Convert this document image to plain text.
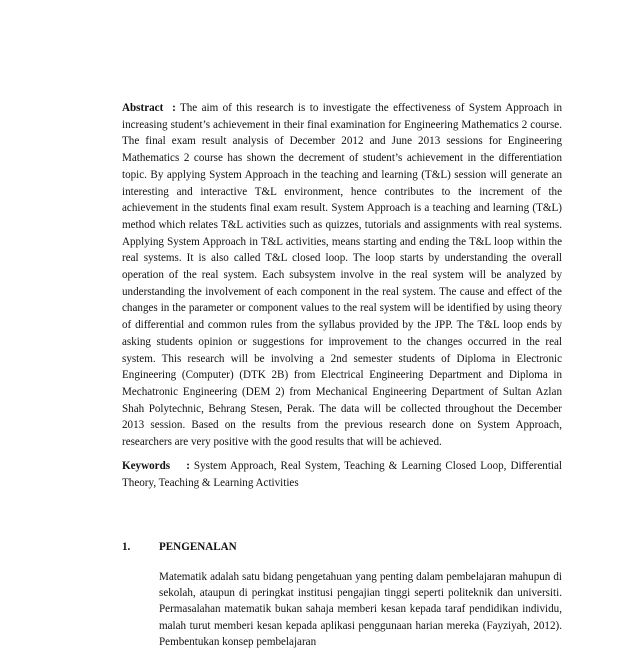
Abstract : The aim of this research is to investigate the effectiveness of System Approach in increasing student’s achievement in their final examination for Engineering Mathematics 2 course. The final exam result analysis of December 2012 and June 2013 sessions for Engineering Mathematics 2 course has shown the decrement of student’s achievement in the differentiation topic. By applying System Approach in the teaching and learning (T&L) session will generate an interesting and interactive T&L environment, hence contributes to the increment of the achievement in the students final exam result. System Approach is a teaching and learning (T&L) method which relates T&L activities such as quizzes, tutorials and assignments with real systems. Applying System Approach in T&L activities, means starting and ending the T&L loop within the real systems. It is also called T&L closed loop. The loop starts by understanding the overall operation of the real system. Each subsystem involve in the real system will be analyzed by understanding the involvement of each component in the real system. The cause and effect of the changes in the parameter or component values to the real system will be identified by using theory of differential and common rules from the syllabus provided by the JPP. The T&L loop ends by asking students opinion or suggestions for improvement to the changes occurred in the real system. This research will be involving a 2nd semester students of Diploma in Electronic Engineering (Computer) (DTK 2B) from Electrical Engineering Department and Diploma in Mechatronic Engineering (DEM 2) from Mechanical Engineering Department of Sultan Azlan Shah Polytechnic, Behrang Stesen, Perak. The data will be collected throughout the December 2013 session. Based on the results from the previous research done on System Approach, researchers are very positive with the good results that will be achieved.

Keywords : System Approach, Real System, Teaching & Learning Closed Loop, Differential Theory, Teaching & Learning Activities

1.	PENGENALAN

Matematik adalah satu bidang pengetahuan yang penting dalam pembelajaran mahupun di sekolah, ataupun di peringkat institusi pengajian tinggi seperti politeknik dan universiti. Permasalahan matematik bukan sahaja memberi kesan kepada taraf pendidikan individu, malah turut memberi kesan kepada aplikasi penggunaan harian mereka (Fayziyah, 2012). Pembentukan konsep pembelajaran
